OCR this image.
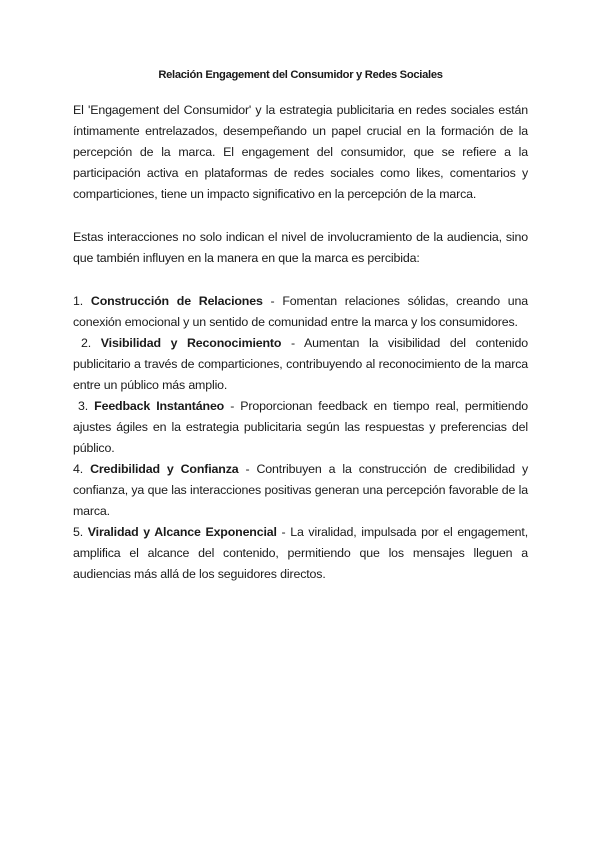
Relación Engagement del Consumidor y Redes Sociales

El 'Engagement del Consumidor' y la estrategia publicitaria en redes sociales están íntimamente entrelazados, desempeñando un papel crucial en la formación de la percepción de la marca. El engagement del consumidor, que se refiere a la participación activa en plataformas de redes sociales como likes, comentarios y comparticiones, tiene un impacto significativo en la percepción de la marca.

Estas interacciones no solo indican el nivel de involucramiento de la audiencia, sino que también influyen en la manera en que la marca es percibida:

1. Construcción de Relaciones - Fomentan relaciones sólidas, creando una conexión emocional y un sentido de comunidad entre la marca y los consumidores.
2. Visibilidad y Reconocimiento - Aumentan la visibilidad del contenido publicitario a través de comparticiones, contribuyendo al reconocimiento de la marca entre un público más amplio.
3. Feedback Instantáneo - Proporcionan feedback en tiempo real, permitiendo ajustes ágiles en la estrategia publicitaria según las respuestas y preferencias del público.
4. Credibilidad y Confianza - Contribuyen a la construcción de credibilidad y confianza, ya que las interacciones positivas generan una percepción favorable de la marca.
5. Viralidad y Alcance Exponencial - La viralidad, impulsada por el engagement, amplifica el alcance del contenido, permitiendo que los mensajes lleguen a audiencias más allá de los seguidores directos.
